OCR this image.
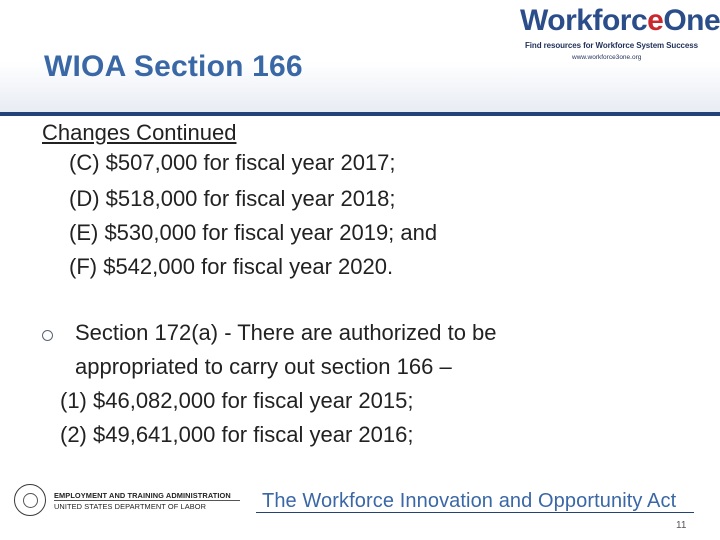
WorkforceOne
Find resources for Workforce System Success
www.workforce3one.org
WIOA Section 166
Changes Continued
(C) $507,000 for fiscal year 2017;
(D) $518,000 for fiscal year 2018;
(E) $530,000 for fiscal year 2019; and
(F) $542,000 for fiscal year 2020.
Section 172(a) - There are authorized to be
appropriated to carry out section 166 –
(1) $46,082,000 for fiscal year 2015;
(2) $49,641,000 for fiscal year 2016;
EMPLOYMENT AND TRAINING ADMINISTRATION
UNITED STATES DEPARTMENT OF LABOR	The Workforce Innovation and Opportunity Act
11
